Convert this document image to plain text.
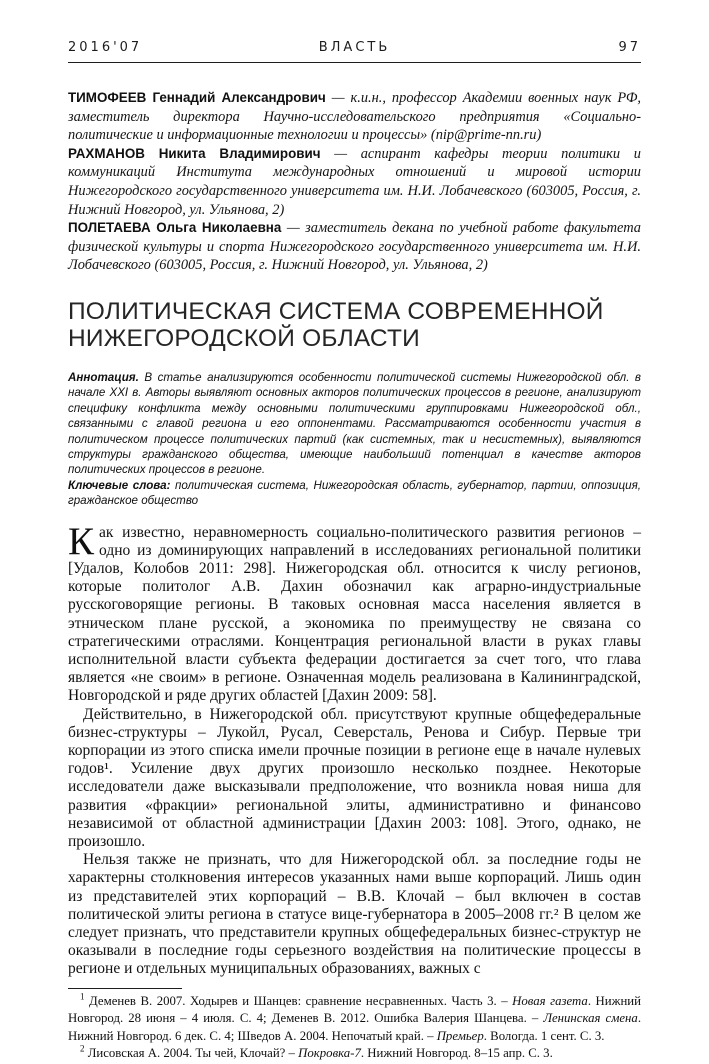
2016'07	ВЛАСТЬ	97

ТИМОФЕЕВ Геннадий Александрович — к.и.н., профессор Академии военных наук РФ, заместитель директора Научно-исследовательского предприятия «Социально-политические и информационные технологии и процессы» (nip@prime-nn.ru)

РАХМАНОВ Никита Владимирович — аспирант кафедры теории политики и коммуникаций Института международных отношений и мировой истории Нижегородского государственного университета им. Н.И. Лобачевского (603005, Россия, г. Нижний Новгород, ул. Ульянова, 2)

ПОЛЕТАЕВА Ольга Николаевна — заместитель декана по учебной работе факультета физической культуры и спорта Нижегородского государственного университета им. Н.И. Лобачевского (603005, Россия, г. Нижний Новгород, ул. Ульянова, 2)

ПОЛИТИЧЕСКАЯ СИСТЕМА СОВРЕМЕННОЙ НИЖЕГОРОДСКОЙ ОБЛАСТИ

Аннотация. В статье анализируются особенности политической системы Нижегородской обл. в начале XXI в. Авторы выявляют основных акторов политических процессов в регионе, анализируют специфику конфликта между основными политическими группировками Нижегородской обл., связанными с главой региона и его оппонентами. Рассматриваются особенности участия в политическом процессе политических партий (как системных, так и несистемных), выявляются структуры гражданского общества, имеющие наибольший потенциал в качестве акторов политических процессов в регионе.

Ключевые слова: политическая система, Нижегородская область, губернатор, партии, оппозиция, гражданское общество

Как известно, неравномерность социально-политического развития регионов – одно из доминирующих направлений в исследованиях региональной политики [Удалов, Колобов 2011: 298]. Нижегородская обл. относится к числу регионов, которые политолог А.В. Дахин обозначил как аграрно-индустриальные русскоговорящие регионы. В таковых основная масса населения является в этническом плане русской, а экономика по преимуществу не связана со стратегическими отраслями. Концентрация региональной власти в руках главы исполнительной власти субъекта федерации достигается за счет того, что глава является «не своим» в регионе. Означенная модель реализована в Калининградской, Новгородской и ряде других областей [Дахин 2009: 58].

Действительно, в Нижегородской обл. присутствуют крупные общефедеральные бизнес-структуры – Лукойл, Русал, Северсталь, Ренова и Сибур. Первые три корпорации из этого списка имели прочные позиции в регионе еще в начале нулевых годов¹. Усиление двух других произошло несколько позднее. Некоторые исследователи даже высказывали предположение, что возникла новая ниша для развития «фракции» региональной элиты, административно и финансово независимой от областной администрации [Дахин 2003: 108]. Этого, однако, не произошло.

Нельзя также не признать, что для Нижегородской обл. за последние годы не характерны столкновения интересов указанных нами выше корпораций. Лишь один из представителей этих корпораций – В.В. Клочай – был включен в состав политической элиты региона в статусе вице-губернатора в 2005–2008 гг.² В целом же следует признать, что представители крупных общефедеральных бизнес-структур не оказывали в последние годы серьезного воздействия на политические процессы в регионе и отдельных муниципальных образованиях, важных с

$^1$ Деменев В. 2007. Ходырев и Шанцев: сравнение несравненных. Часть 3. – Новая газета. Нижний Новгород. 28 июня – 4 июля. С. 4; Деменев В. 2012. Ошибка Валерия Шанцева. – Ленинская смена. Нижний Новгород. 6 дек. С. 4; Шведов А. 2004. Непочатый край. – Премьер. Вологда. 1 сент. С. 3.

$^2$ Лисовская А. 2004. Ты чей, Клочай? – Покровка-7. Нижний Новгород. 8–15 апр. С. 3.
